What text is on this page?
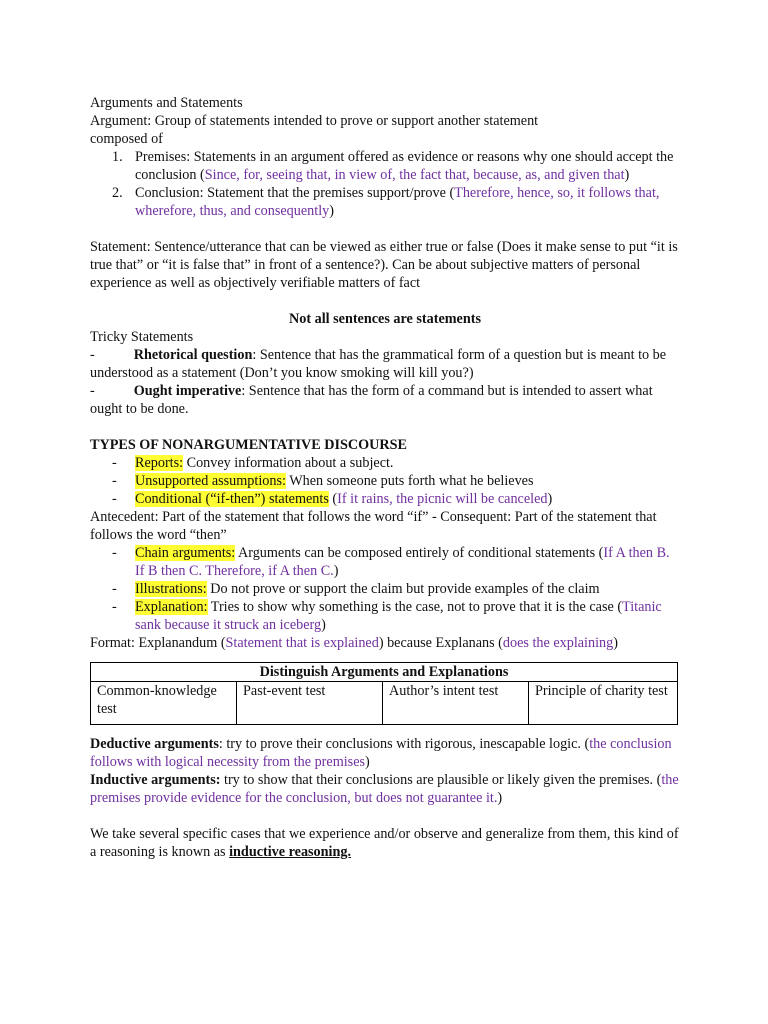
Arguments and Statements

Argument: Group of statements intended to prove or support another statement

composed of

1. Premises: Statements in an argument offered as evidence or reasons why one should accept the conclusion (Since, for, seeing that, in view of, the fact that, because, as, and given that)
2. Conclusion: Statement that the premises support/prove (Therefore, hence, so, it follows that, wherefore, thus, and consequently)

Statement: Sentence/utterance that can be viewed as either true or false (Does it make sense to put “it is true that” or “it is false that” in front of a sentence?). Can be about subjective matters of personal experience as well as objectively verifiable matters of fact

Not all sentences are statements

Tricky Statements

-	Rhetorical question: Sentence that has the grammatical form of a question but is meant to be understood as a statement (Don’t you know smoking will kill you?)

-	Ought imperative: Sentence that has the form of a command but is intended to assert what ought to be done.

TYPES OF NONARGUMENTATIVE DISCOURSE

-	Reports: Convey information about a subject.
-	Unsupported assumptions: When someone puts forth what he believes
-	Conditional (“if-then”) statements (If it rains, the picnic will be canceled)

Antecedent: Part of the statement that follows the word “if” - Consequent: Part of the statement that follows the word “then”

-	Chain arguments: Arguments can be composed entirely of conditional statements (If A then B. If B then C. Therefore, if A then C.)
-	Illustrations: Do not prove or support the claim but provide examples of the claim
-	Explanation: Tries to show why something is the case, not to prove that it is the case (Titanic sank because it struck an iceberg)

Format: Explanandum (Statement that is explained) because Explanans (does the explaining)

Distinguish Arguments and Explanations
Common-knowledge test	Past-event test	Author’s intent test	Principle of charity test

Deductive arguments: try to prove their conclusions with rigorous, inescapable logic. (the conclusion follows with logical necessity from the premises)

Inductive arguments: try to show that their conclusions are plausible or likely given the premises. (the premises provide evidence for the conclusion, but does not guarantee it.)

We take several specific cases that we experience and/or observe and generalize from them, this kind of a reasoning is known as inductive reasoning.
